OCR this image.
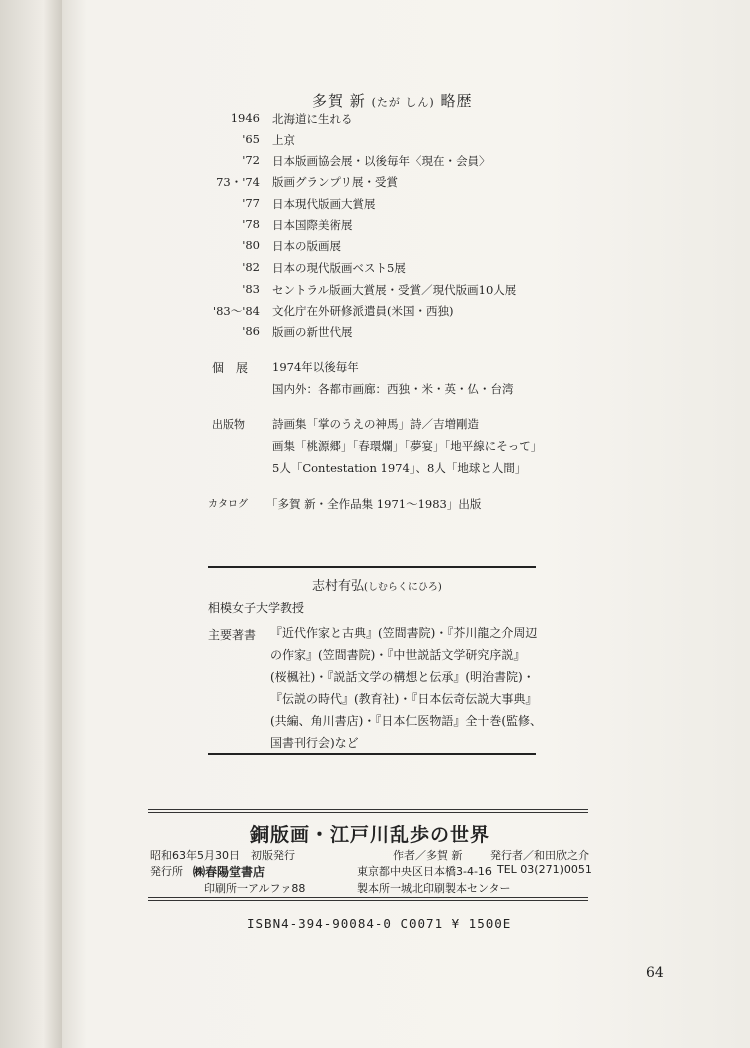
多賀 新 (たが しん) 略歴
1946 北海道に生れる
'65 上京
'72 日本版画協会展・以後毎年〈現在・会員〉
73・'74 版画グランプリ展・受賞
'77 日本現代版画大賞展
'78 日本国際美術展
'80 日本の版画展
'82 日本の現代版画ベスト5展
'83 セントラル版画大賞展・受賞／現代版画10人展
'83～'84 文化庁在外研修派遣員(米国・西独)
'86 版画の新世代展
個　展 1974年以後毎年
国内外：各都市画廊：西独・米・英・仏・台湾
出版物 詩画集「掌のうえの神馬」詩／吉増剛造
画集「桃源郷」「春環爛」「夢宴」「地平線にそって」
5人「Contestation 1974」、8人「地球と人間」
カタログ 「多賀 新・全作品集 1971～1983」出版
志村有弘(しむらくにひろ)
相模女子大学教授
主要著書 『近代作家と古典』(笠間書院)・『芥川龍之介周辺
の作家』(笠間書院)・『中世説話文学研究序説』
(桜楓社)・『説話文学の構想と伝承』(明治書院)・
『伝説の時代』(教育社)・『日本伝奇伝説大事典』
(共編、角川書店)・『日本仁医物語』全十巻(監修、
国書刊行会)など
銅版画・江戸川乱歩の世界
昭和63年5月30日　初版発行
発行所 ㈱春陽堂書店
印刷所一アルファ88
作者／多賀 新	発行者／和田欣之介
東京都中央区日本橋3-4-16 TEL 03(271)0051
製本所一城北印刷製本センター
ISBN4-394-90084-0 C0071 ¥ 1500E
64
